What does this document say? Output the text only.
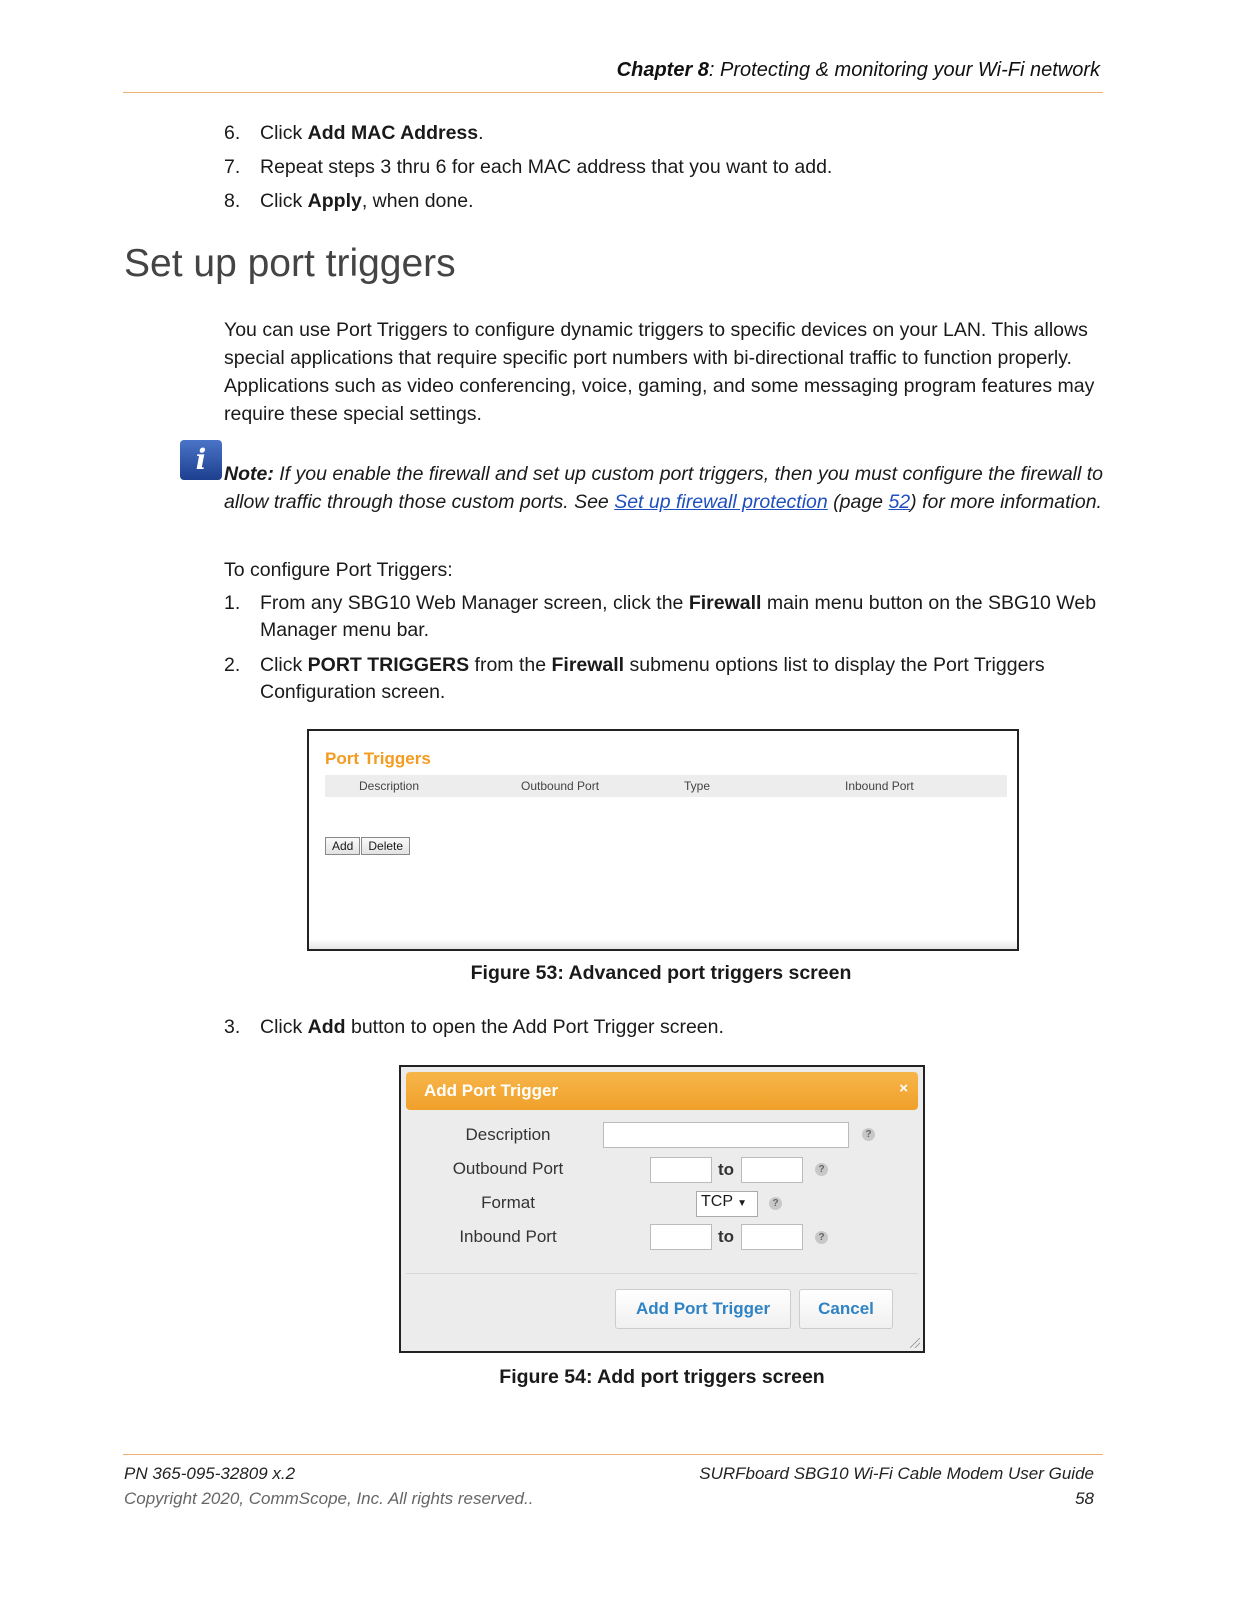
Chapter 8: Protecting & monitoring your Wi-Fi network
6.	Click Add MAC Address.
7.	Repeat steps 3 thru 6 for each MAC address that you want to add.
8.	Click Apply, when done.
Set up port triggers
You can use Port Triggers to configure dynamic triggers to specific devices on your LAN. This allows special applications that require specific port numbers with bi-directional traffic to function properly. Applications such as video conferencing, voice, gaming, and some messaging program features may require these special settings.
i Note: If you enable the firewall and set up custom port triggers, then you must configure the firewall to allow traffic through those custom ports. See Set up firewall protection (page 52) for more information.
To configure Port Triggers:
1.	From any SBG10 Web Manager screen, click the Firewall main menu button on the SBG10 Web Manager menu bar.
2.	Click PORT TRIGGERS from the Firewall submenu options list to display the Port Triggers Configuration screen.
Port Triggers
Description	Outbound Port	Type	Inbound Port
Add Delete
Figure 53: Advanced port triggers screen
3.	Click Add button to open the Add Port Trigger screen.
Add Port Trigger	×
Description	?
Outbound Port	to	?
Format	TCP ▼	?
Inbound Port	to	?
Add Port Trigger	Cancel
Figure 54: Add port triggers screen
PN 365-095-32809 x.2	SURFboard SBG10 Wi-Fi Cable Modem User Guide
Copyright 2020, CommScope, Inc. All rights reserved..	58
